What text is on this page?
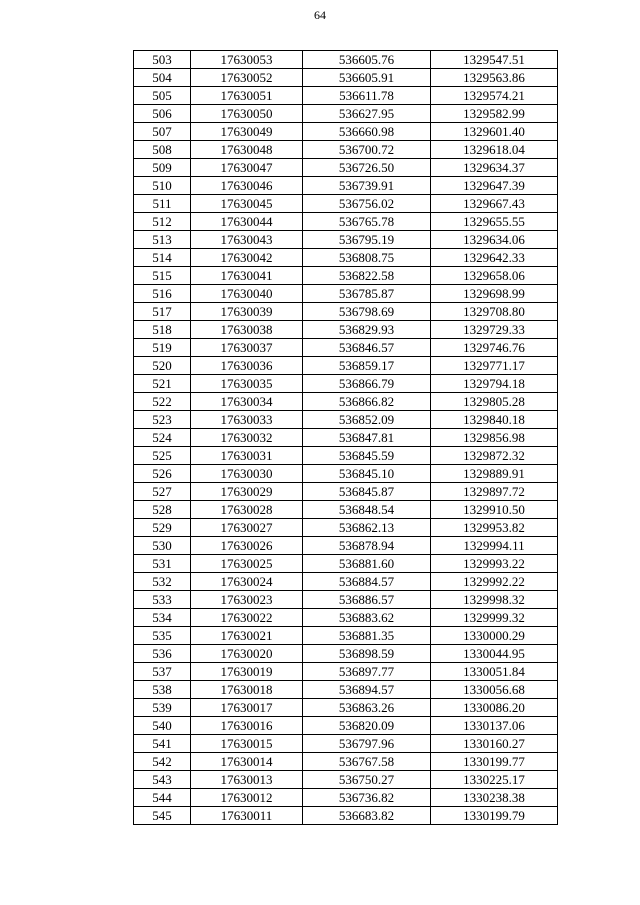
64
503	17630053	536605.76	1329547.51
504	17630052	536605.91	1329563.86
505	17630051	536611.78	1329574.21
506	17630050	536627.95	1329582.99
507	17630049	536660.98	1329601.40
508	17630048	536700.72	1329618.04
509	17630047	536726.50	1329634.37
510	17630046	536739.91	1329647.39
511	17630045	536756.02	1329667.43
512	17630044	536765.78	1329655.55
513	17630043	536795.19	1329634.06
514	17630042	536808.75	1329642.33
515	17630041	536822.58	1329658.06
516	17630040	536785.87	1329698.99
517	17630039	536798.69	1329708.80
518	17630038	536829.93	1329729.33
519	17630037	536846.57	1329746.76
520	17630036	536859.17	1329771.17
521	17630035	536866.79	1329794.18
522	17630034	536866.82	1329805.28
523	17630033	536852.09	1329840.18
524	17630032	536847.81	1329856.98
525	17630031	536845.59	1329872.32
526	17630030	536845.10	1329889.91
527	17630029	536845.87	1329897.72
528	17630028	536848.54	1329910.50
529	17630027	536862.13	1329953.82
530	17630026	536878.94	1329994.11
531	17630025	536881.60	1329993.22
532	17630024	536884.57	1329992.22
533	17630023	536886.57	1329998.32
534	17630022	536883.62	1329999.32
535	17630021	536881.35	1330000.29
536	17630020	536898.59	1330044.95
537	17630019	536897.77	1330051.84
538	17630018	536894.57	1330056.68
539	17630017	536863.26	1330086.20
540	17630016	536820.09	1330137.06
541	17630015	536797.96	1330160.27
542	17630014	536767.58	1330199.77
543	17630013	536750.27	1330225.17
544	17630012	536736.82	1330238.38
545	17630011	536683.82	1330199.79
